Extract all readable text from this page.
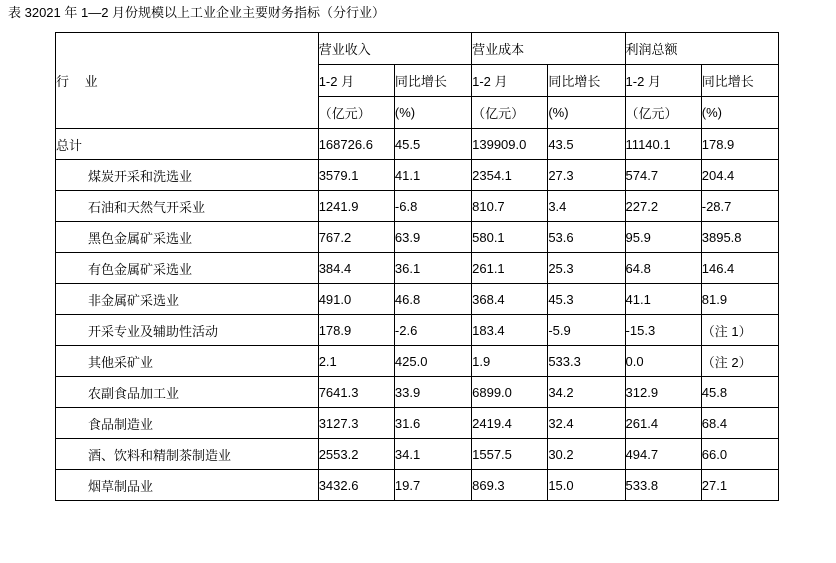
表 32021 年 1—2 月份规模以上工业企业主要财务指标（分行业）
行 业	营业收入		营业成本		利润总额	
	1-2 月	同比增长	1-2 月	同比增长	1-2 月	同比增长
	（亿元）	(%)	（亿元）	(%)	（亿元）	(%)
总计	168726.6	45.5	139909.0	43.5	11140.1	178.9
煤炭开采和洗选业	3579.1	41.1	2354.1	27.3	574.7	204.4
石油和天然气开采业	1241.9	-6.8	810.7	3.4	227.2	-28.7
黑色金属矿采选业	767.2	63.9	580.1	53.6	95.9	3895.8
有色金属矿采选业	384.4	36.1	261.1	25.3	64.8	146.4
非金属矿采选业	491.0	46.8	368.4	45.3	41.1	81.9
开采专业及辅助性活动	178.9	-2.6	183.4	-5.9	-15.3	（注 1）
其他采矿业	2.1	425.0	1.9	533.3	0.0	（注 2）
农副食品加工业	7641.3	33.9	6899.0	34.2	312.9	45.8
食品制造业	3127.3	31.6	2419.4	32.4	261.4	68.4
酒、饮料和精制茶制造业	2553.2	34.1	1557.5	30.2	494.7	66.0
烟草制品业	3432.6	19.7	869.3	15.0	533.8	27.1
